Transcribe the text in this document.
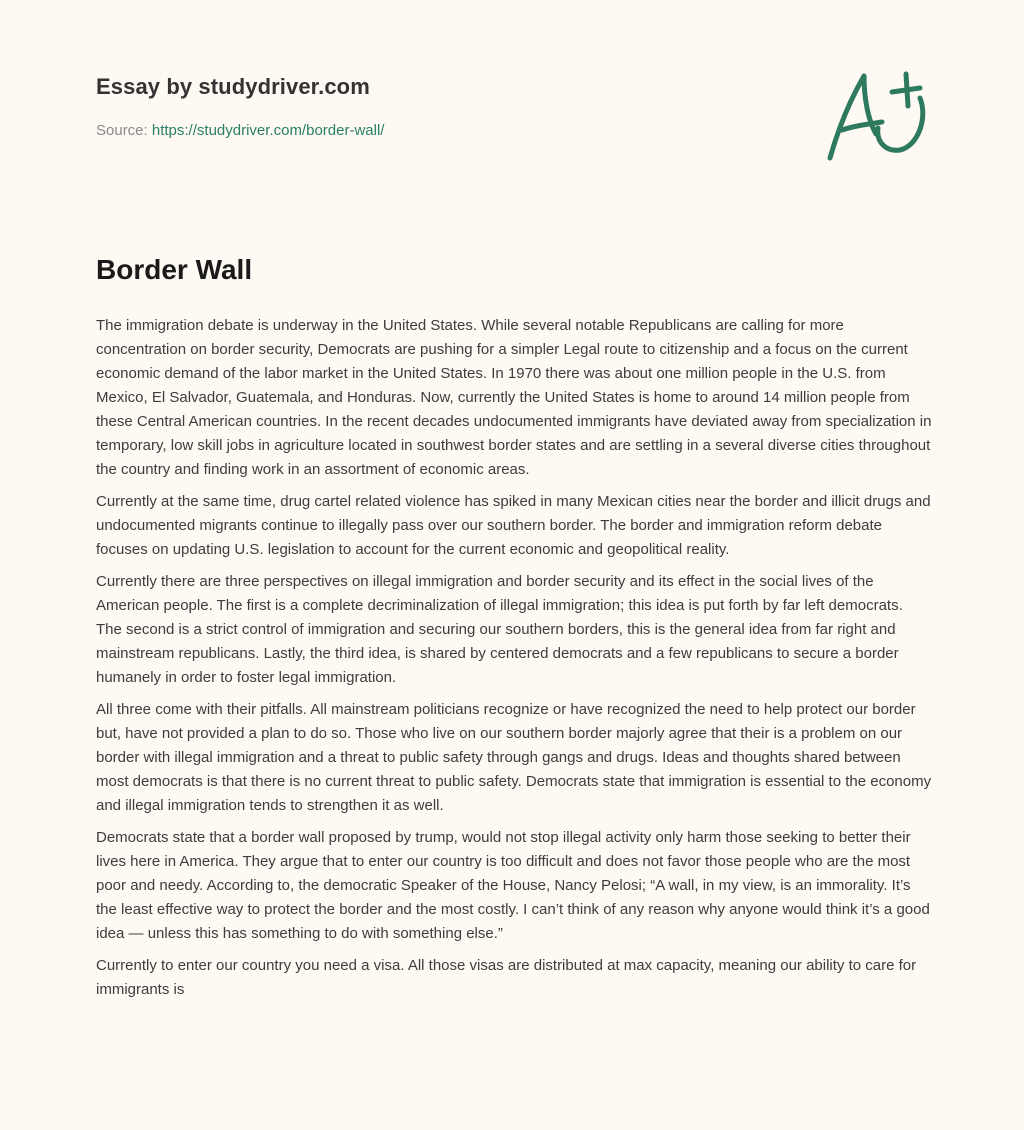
Essay by studydriver.com
Source: https://studydriver.com/border-wall/
Border Wall

The immigration debate is underway in the United States. While several notable Republicans are calling for more concentration on border security, Democrats are pushing for a simpler Legal route to citizenship and a focus on the current economic demand of the labor market in the United States. In 1970 there was about one million people in the U.S. from Mexico, El Salvador, Guatemala, and Honduras. Now, currently the United States is home to around 14 million people from these Central American countries. In the recent decades undocumented immigrants have deviated away from specialization in temporary, low skill jobs in agriculture located in southwest border states and are settling in a several diverse cities throughout the country and finding work in an assortment of economic areas.

Currently at the same time, drug cartel related violence has spiked in many Mexican cities near the border and illicit drugs and undocumented migrants continue to illegally pass over our southern border. The border and immigration reform debate focuses on updating U.S. legislation to account for the current economic and geopolitical reality.

Currently there are three perspectives on illegal immigration and border security and its effect in the social lives of the American people. The first is a complete decriminalization of illegal immigration; this idea is put forth by far left democrats. The second is a strict control of immigration and securing our southern borders, this is the general idea from far right and mainstream republicans. Lastly, the third idea, is shared by centered democrats and a few republicans to secure a border humanely in order to foster legal immigration.

All three come with their pitfalls. All mainstream politicians recognize or have recognized the need to help protect our border but, have not provided a plan to do so. Those who live on our southern border majorly agree that their is a problem on our border with illegal immigration and a threat to public safety through gangs and drugs. Ideas and thoughts shared between most democrats is that there is no current threat to public safety. Democrats state that immigration is essential to the economy and illegal immigration tends to strengthen it as well.

Democrats state that a border wall proposed by trump, would not stop illegal activity only harm those seeking to better their lives here in America. They argue that to enter our country is too difficult and does not favor those people who are the most poor and needy. According to, the democratic Speaker of the House, Nancy Pelosi; “A wall, in my view, is an immorality. It’s the least effective way to protect the border and the most costly. I can’t think of any reason why anyone would think it’s a good idea — unless this has something to do with something else.”

Currently to enter our country you need a visa. All those visas are distributed at max capacity, meaning our ability to care for immigrants is
